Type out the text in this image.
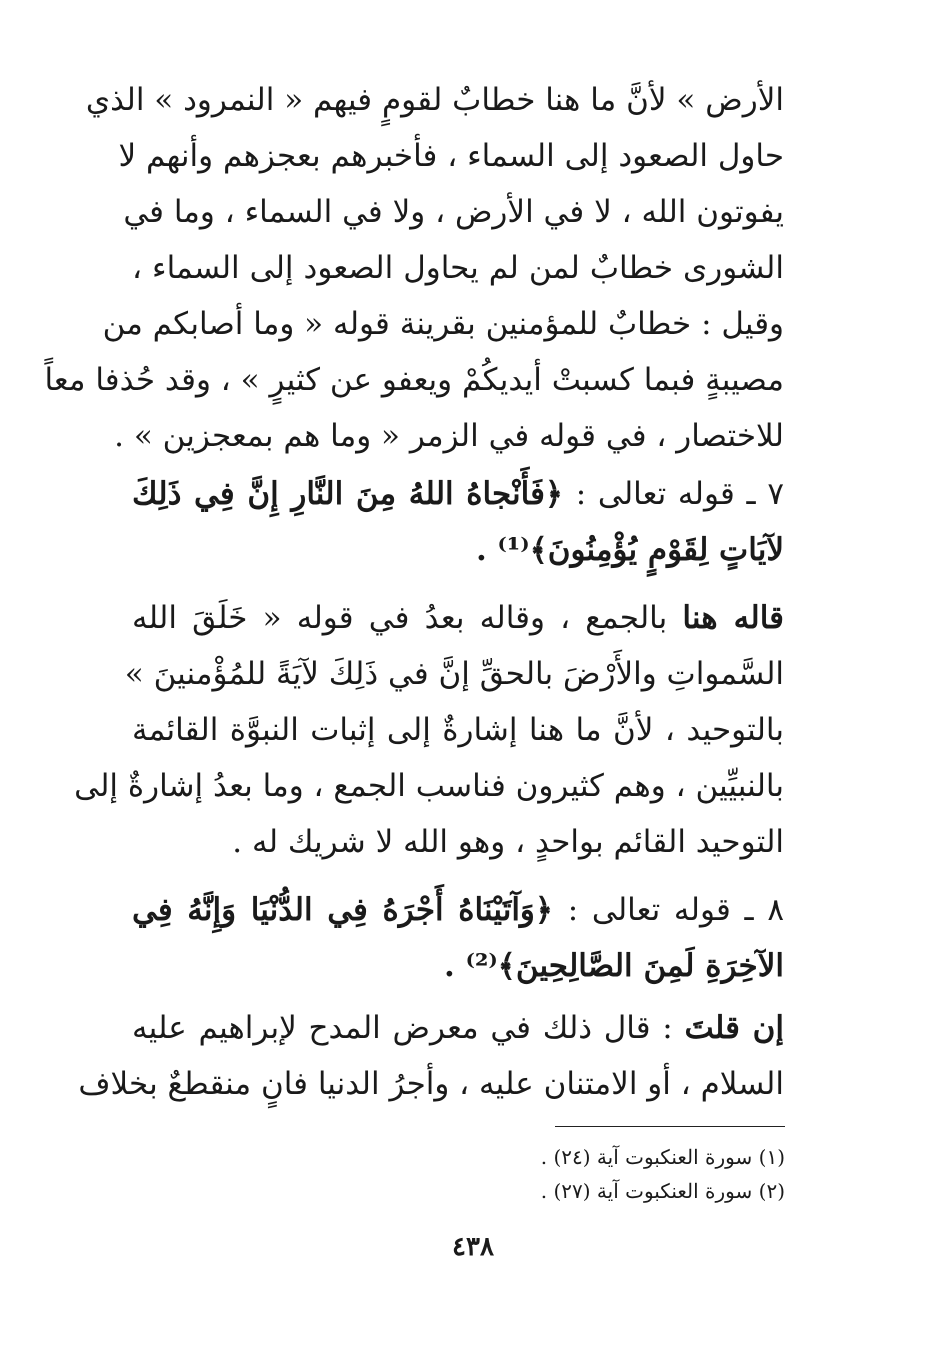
الأرض » لأنَّ ما هنا خطابٌ لقومٍ فيهم « النمرود » الذي
حاول الصعود إلى السماء ، فأخبرهم بعجزهم وأنهم لا
يفوتون الله ، لا في الأرض ، ولا في السماء ، وما في
الشورى خطابٌ لمن لم يحاول الصعود إلى السماء ،
وقيل : خطابٌ للمؤمنين بقرينة قوله « وما أصابكم من
مصيبةٍ فبما كسبتْ أيديكُمْ ويعفو عن كثيرٍ » ، وقد حُذفا معاً
للاختصار ، في قوله في الزمر « وما هم بمعجزين » .
٧ ـ قوله تعالى : ﴿فَأَنْجاهُ اللهُ مِنَ النَّارِ إِنَّ فِي ذَلِكَ
لآيَاتٍ لِقَوْمٍ يُؤْمِنُونَ﴾⁽¹⁾ .
قاله هنا بالجمع ، وقاله بعدُ في قوله « خَلَقَ الله
السَّمواتِ والأَرْضَ بالحقِّ إنَّ في ذَلِكَ لآيَةً للمُؤْمنينَ »
بالتوحيد ، لأنَّ ما هنا إشارةٌ إلى إثبات النبوَّة القائمة
بالنبيِّين ، وهم كثيرون فناسب الجمع ، وما بعدُ إشارةٌ إلى
التوحيد القائم بواحدٍ ، وهو الله لا شريك له .
٨ ـ قوله تعالى : ﴿وَآتَيْنَاهُ أَجْرَهُ فِي الدُّنْيَا وَإِنَّهُ فِي
الآخِرَةِ لَمِنَ الصَّالِحِينَ﴾⁽²⁾ .
إن قلتَ : قال ذلك في معرض المدح لإبراهيم عليه
السلام ، أو الامتنان عليه ، وأجرُ الدنيا فانٍ منقطعٌ بخلاف
(١) سورة العنكبوت آية (٢٤) .
(٢) سورة العنكبوت آية (٢٧) .
٤٣٨
